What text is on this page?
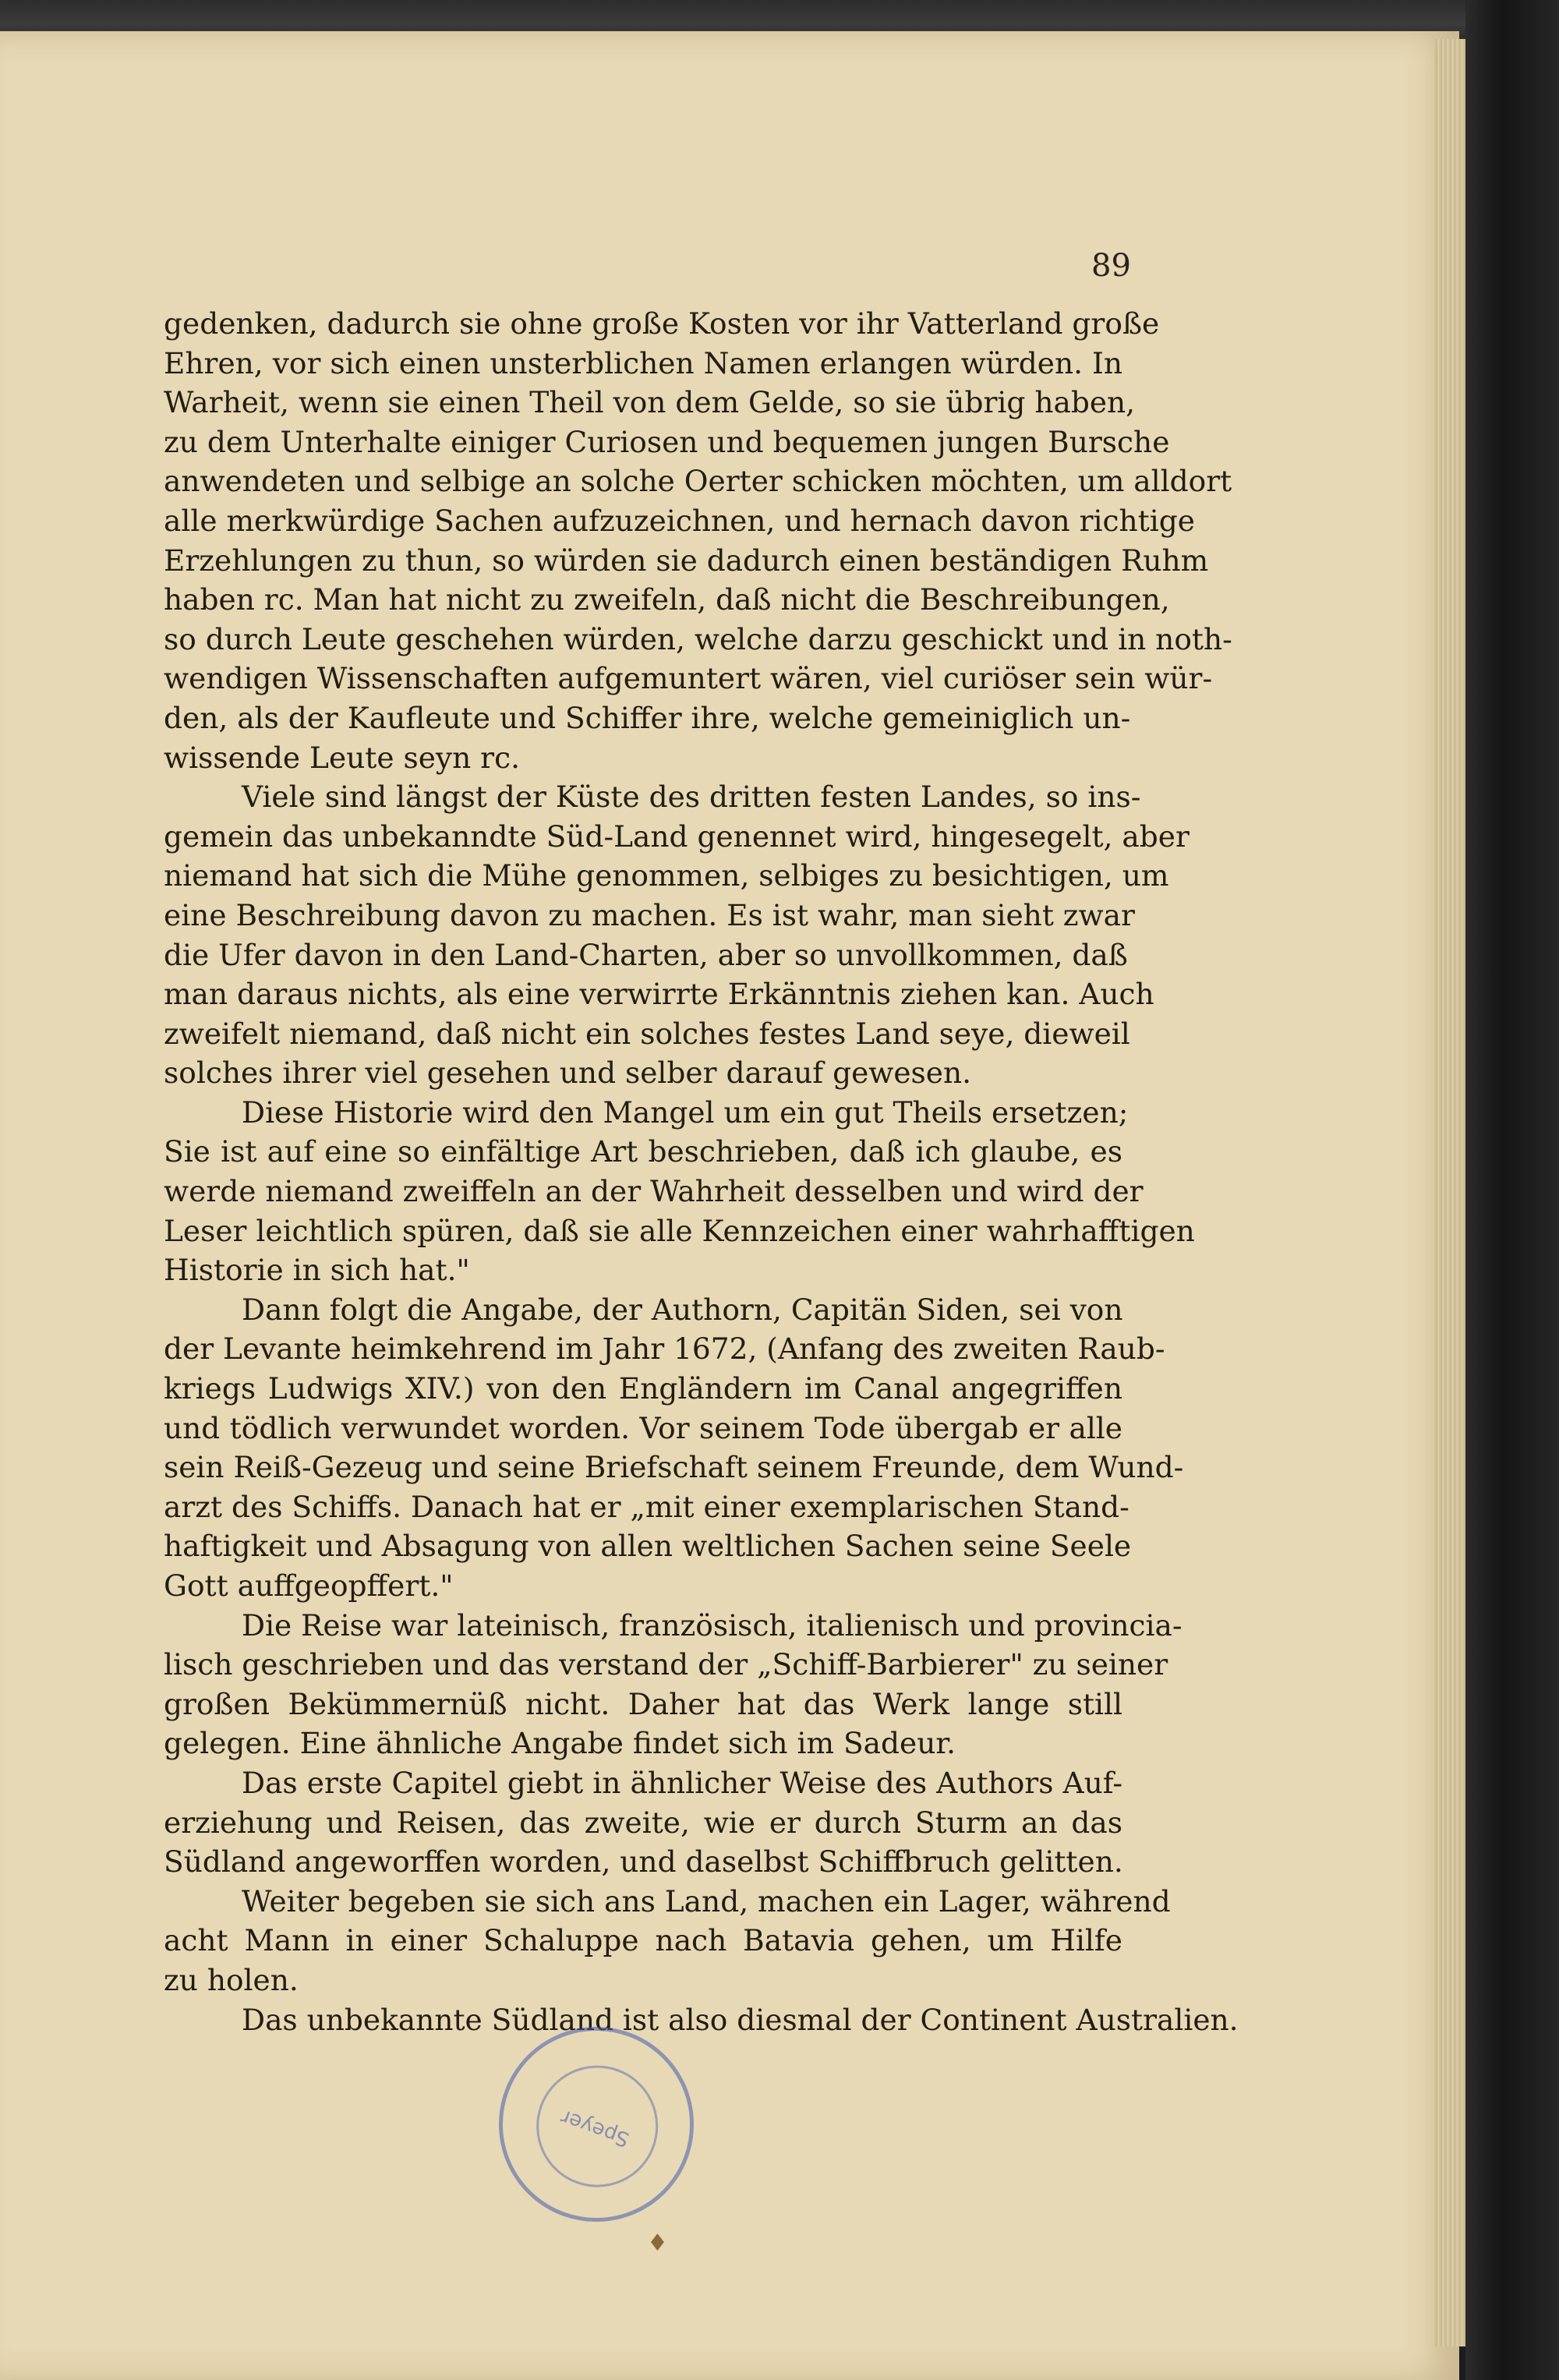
89
gedenken, dadurch sie ohne große Kosten vor ihr Vatterland große
Ehren, vor sich einen unsterblichen Namen erlangen würden. In
Warheit, wenn sie einen Theil von dem Gelde, so sie übrig haben,
zu dem Unterhalte einiger Curiosen und bequemen jungen Bursche
anwendeten und selbige an solche Oerter schicken möchten, um alldort
alle merkwürdige Sachen aufzuzeichnen, und hernach davon richtige
Erzehlungen zu thun, so würden sie dadurch einen beständigen Ruhm
haben rc. Man hat nicht zu zweifeln, daß nicht die Beschreibungen,
so durch Leute geschehen würden, welche darzu geschickt und in noth-
wendigen Wissenschaften aufgemuntert wären, viel curiöser sein wür-
den, als der Kaufleute und Schiffer ihre, welche gemeiniglich un-
wissende Leute seyn rc.
Viele sind längst der Küste des dritten festen Landes, so ins-
gemein das unbekanndte Süd-Land genennet wird, hingesegelt, aber
niemand hat sich die Mühe genommen, selbiges zu besichtigen, um
eine Beschreibung davon zu machen. Es ist wahr, man sieht zwar
die Ufer davon in den Land-Charten, aber so unvollkommen, daß
man daraus nichts, als eine verwirrte Erkänntnis ziehen kan. Auch
zweifelt niemand, daß nicht ein solches festes Land seye, dieweil
solches ihrer viel gesehen und selber darauf gewesen.
Diese Historie wird den Mangel um ein gut Theils ersetzen;
Sie ist auf eine so einfältige Art beschrieben, daß ich glaube, es
werde niemand zweiffeln an der Wahrheit desselben und wird der
Leser leichtlich spüren, daß sie alle Kennzeichen einer wahrhafftigen
Historie in sich hat."
Dann folgt die Angabe, der Authorn, Capitän Siden, sei von
der Levante heimkehrend im Jahr 1672, (Anfang des zweiten Raub-
kriegs Ludwigs XIV.) von den Engländern im Canal angegriffen
und tödlich verwundet worden. Vor seinem Tode übergab er alle
sein Reiß-Gezeug und seine Briefschaft seinem Freunde, dem Wund-
arzt des Schiffs. Danach hat er „mit einer exemplarischen Stand-
haftigkeit und Absagung von allen weltlichen Sachen seine Seele
Gott auffgeopffert."
Die Reise war lateinisch, französisch, italienisch und provincia-
lisch geschrieben und das verstand der „Schiff-Barbierer" zu seiner
großen Bekümmernüß nicht. Daher hat das Werk lange still
gelegen. Eine ähnliche Angabe findet sich im Sadeur.
Das erste Capitel giebt in ähnlicher Weise des Authors Auf-
erziehung und Reisen, das zweite, wie er durch Sturm an das
Südland angeworffen worden, und daselbst Schiffbruch gelitten.
Weiter begeben sie sich ans Land, machen ein Lager, während
acht Mann in einer Schaluppe nach Batavia gehen, um Hilfe
zu holen.
Das unbekannte Südland ist also diesmal der Continent Australien.
Speyer
♦
